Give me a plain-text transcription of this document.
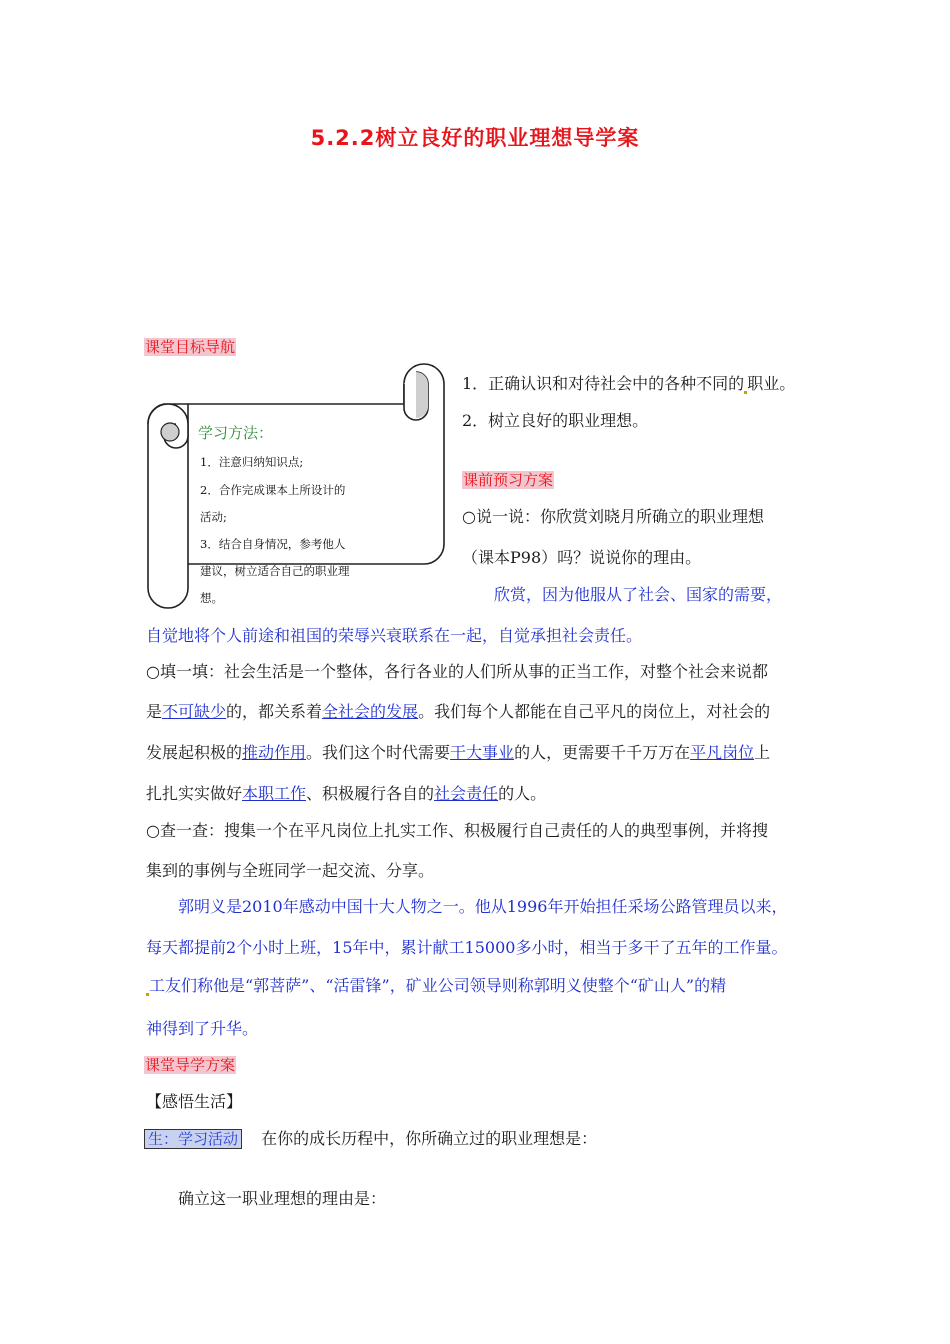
5.2.2树立良好的职业理想导学案
课堂目标导航
学习方法：
1．注意归纳知识点;
2．合作完成课本上所设计的
活动;
3．结合自身情况，参考他人
建议，树立适合自己的职业理
想。
1．正确认识和对待社会中的各种不同的 职业。
2．树立良好的职业理想。
课前预习方案
○说一说：你欣赏刘晓月所确立的职业理想
（课本P98）吗？说说你的理由。
欣赏，因为他服从了社会、国家的需要，
自觉地将个人前途和祖国的荣辱兴衰联系在一起，自觉承担社会责任。
○填一填：社会生活是一个整体，各行各业的人们所从事的正当工作，对整个社会来说都
是不可缺少的，都关系着全社会的发展。我们每个人都能在自己平凡的岗位上，对社会的
发展起积极的推动作用。我们这个时代需要干大事业的人，更需要千千万万在平凡岗位上
扎扎实实做好本职工作、积极履行各自的社会责任的人。
○查一查：搜集一个在平凡岗位上扎实工作、积极履行自己责任的人的典型事例，并将搜
集到的事例与全班同学一起交流、分享。
郭明义是2010年感动中国十大人物之一。他从1996年开始担任采场公路管理员以来，
每天都提前2个小时上班，15年中，累计献工15000多小时，相当于多干了五年的工作量。
工友们称他是“郭菩萨”、“活雷锋”，矿业公司领导则称郭明义使整个“矿山人”的精
神得到了升华。
课堂导学方案
【感悟生活】
生：学习活动 在你的成长历程中，你所确立过的职业理想是：
确立这一职业理想的理由是：
